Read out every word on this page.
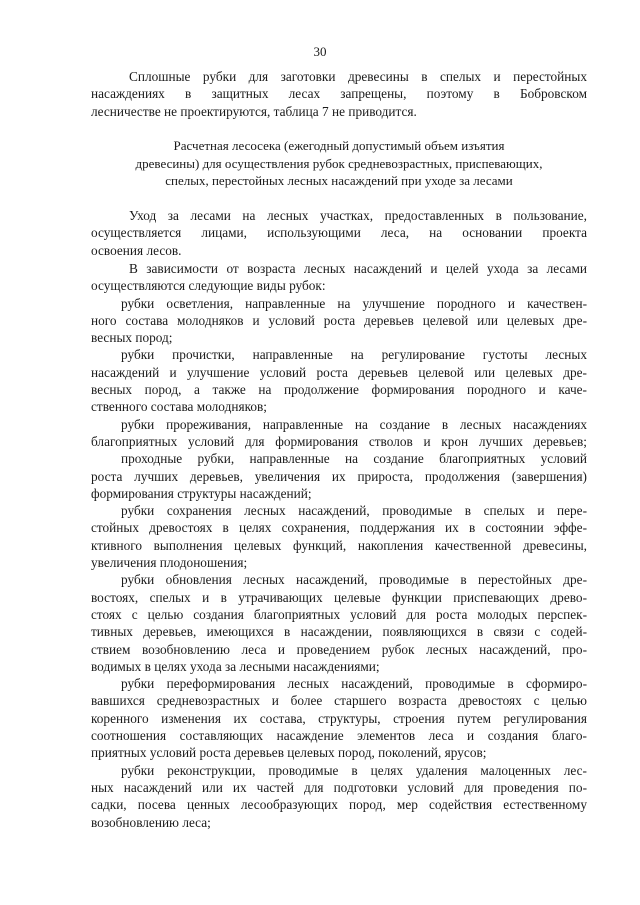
30
Сплошные рубки для заготовки древесины в спелых и перестойных
насаждениях в защитных лесах запрещены, поэтому в Бобровском
лесничестве не проектируются, таблица 7 не приводится.
Расчетная лесосека (ежегодный допустимый объем изъятия
древесины) для осуществления рубок средневозрастных, приспевающих,
спелых, перестойных лесных насаждений при уходе за лесами
Уход за лесами на лесных участках, предоставленных в пользование,
осуществляется лицами, использующими леса, на основании проекта
освоения лесов.
В зависимости от возраста лесных насаждений и целей ухода за лесами
осуществляются следующие виды рубок:
рубки осветления, направленные на улучшение породного и качествен-
ного состава молодняков и условий роста деревьев целевой или целевых дре-
весных пород;
рубки прочистки, направленные на регулирование густоты лесных
насаждений и улучшение условий роста деревьев целевой или целевых дре-
весных пород, а также на продолжение формирования породного и каче-
ственного состава молодняков;
рубки прореживания, направленные на создание в лесных насаждениях
благоприятных условий для формирования стволов и крон лучших деревьев;
проходные рубки, направленные на создание благоприятных условий
роста лучших деревьев, увеличения их прироста, продолжения (завершения)
формирования структуры насаждений;
рубки сохранения лесных насаждений, проводимые в спелых и пере-
стойных древостоях в целях сохранения, поддержания их в состоянии эффе-
ктивного выполнения целевых функций, накопления качественной древесины,
увеличения плодоношения;
рубки обновления лесных насаждений, проводимые в перестойных дре-
востоях, спелых и в утрачивающих целевые функции приспевающих древо-
стоях с целью создания благоприятных условий для роста молодых перспек-
тивных деревьев, имеющихся в насаждении, появляющихся в связи с содей-
ствием возобновлению леса и проведением рубок лесных насаждений, про-
водимых в целях ухода за лесными насаждениями;
рубки переформирования лесных насаждений, проводимые в сформиро-
вавшихся средневозрастных и более старшего возраста древостоях с целью
коренного изменения их состава, структуры, строения путем регулирования
соотношения составляющих насаждение элементов леса и создания благо-
приятных условий роста деревьев целевых пород, поколений, ярусов;
рубки реконструкции, проводимые в целях удаления малоценных лес-
ных насаждений или их частей для подготовки условий для проведения по-
садки, посева ценных лесообразующих пород, мер содействия естественному
возобновлению леса;
